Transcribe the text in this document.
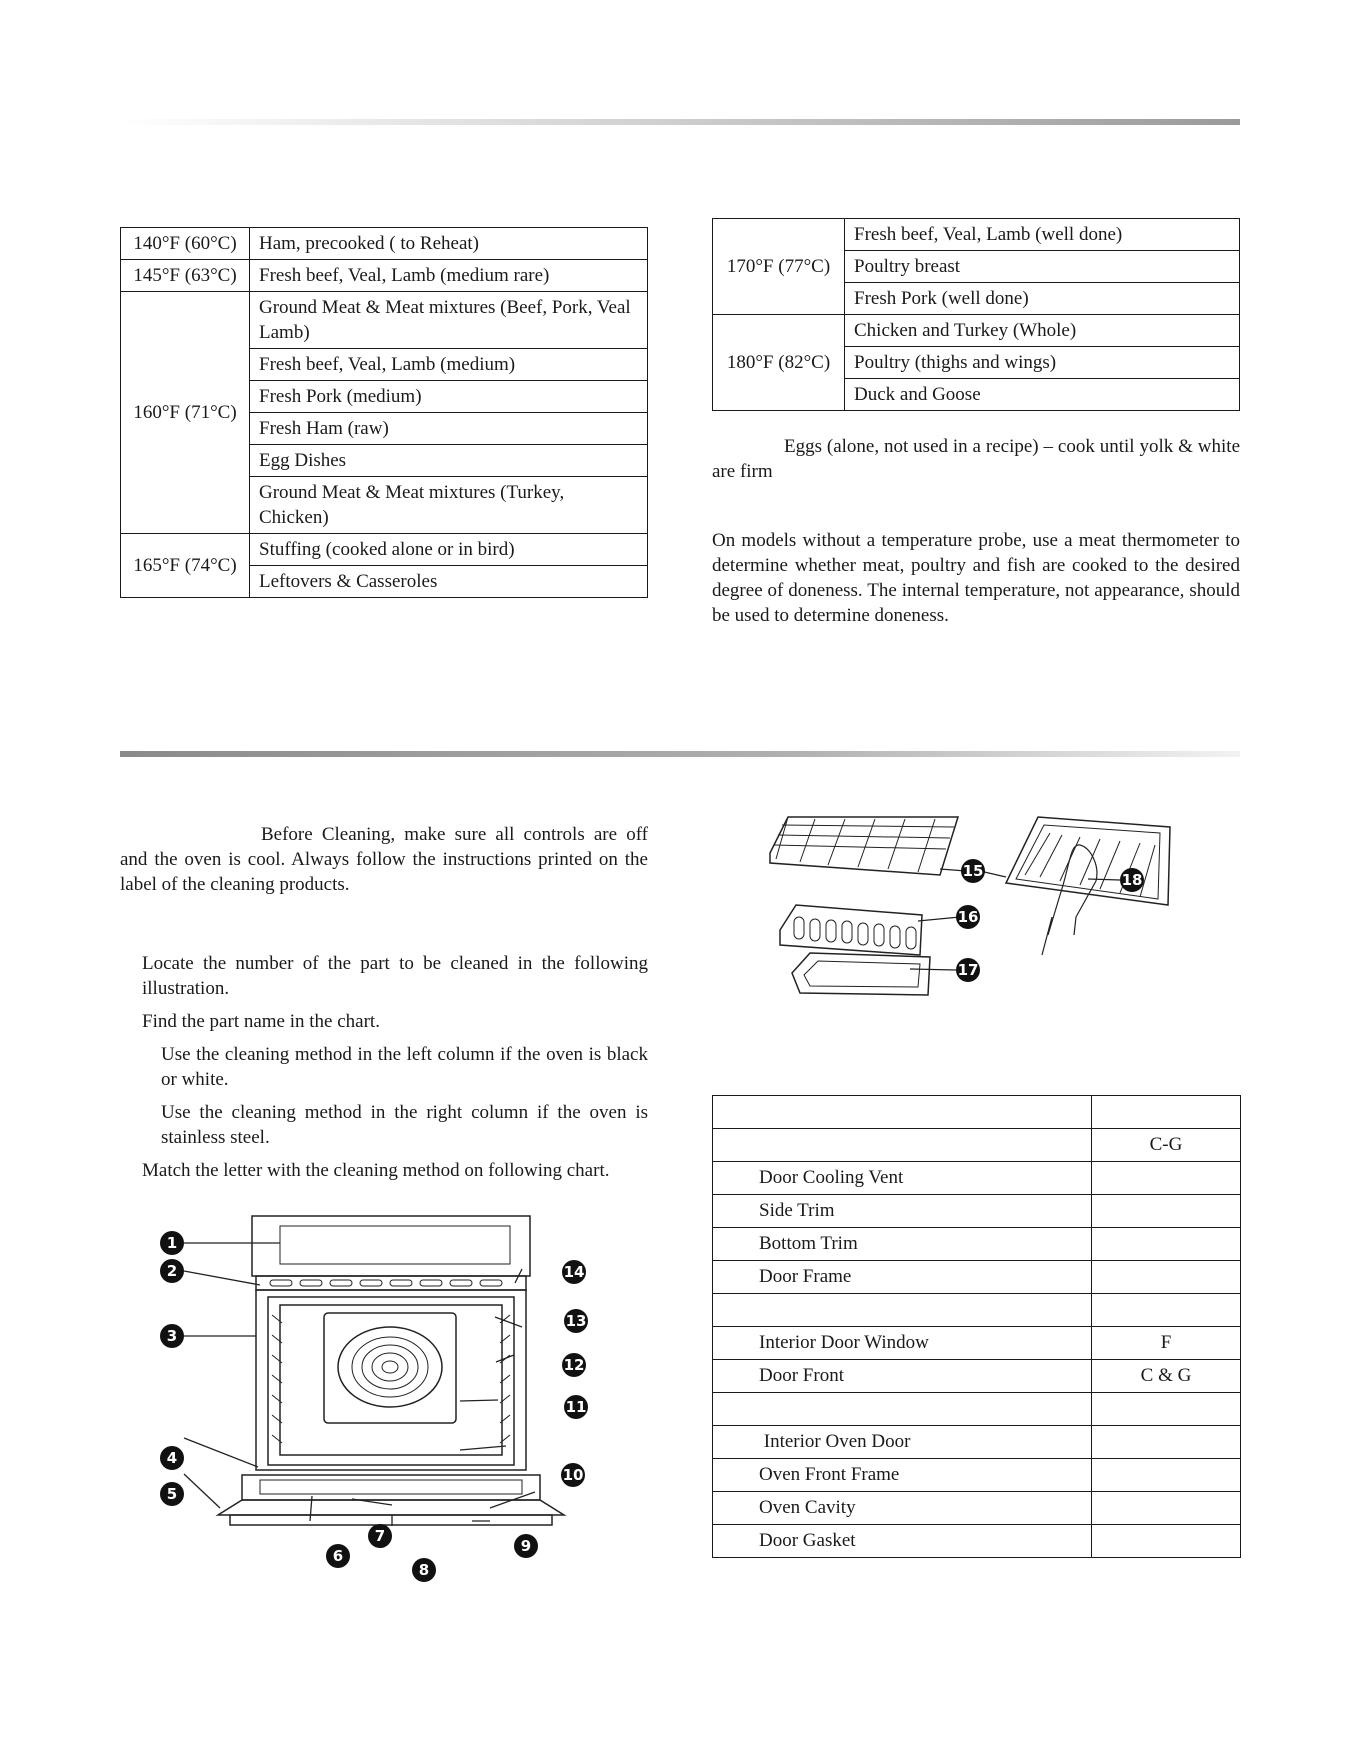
140°F (60°C)	Ham, precooked ( to Reheat)
145°F (63°C)	Fresh beef, Veal, Lamb (medium rare)
160°F (71°C)	Ground Meat & Meat mixtures (Beef, Pork, Veal Lamb)
	Fresh beef, Veal, Lamb (medium)
	Fresh Pork (medium)
	Fresh Ham (raw)
	Egg Dishes
	Ground Meat & Meat mixtures (Turkey, Chicken)
165°F (74°C)	Stuffing (cooked alone or in bird)
	Leftovers & Casseroles
170°F (77°C)	Fresh beef, Veal, Lamb (well done)
	Poultry breast
	Fresh Pork (well done)
180°F (82°C)	Chicken and Turkey (Whole)
	Poultry (thighs and wings)
	Duck and Goose
Eggs (alone, not used in a recipe) – cook until yolk & white are firm
On models without a temperature probe, use a meat thermometer to determine whether meat, poultry and fish are cooked to the desired degree of doneness. The internal temperature, not appearance, should be used to determine doneness.
Before Cleaning, make sure all controls are off and the oven is cool. Always follow the instructions printed on the label of the cleaning products.
Locate the number of the part to be cleaned in the following illustration.
Find the part name in the chart.
Use the cleaning method in the left column if the oven is black or white.
Use the cleaning method in the right column if the oven is stainless steel.
Match the letter with the cleaning method on following chart.
1
2
3
4
5
6
7
8
9
10
11
12
13
14
15
16
17
18

	C-G
Door Cooling Vent	
Side Trim	
Bottom Trim	
Door Frame	

Interior Door Window	F
Door Front	C & G

Interior Oven Door	
Oven Front Frame	
Oven Cavity	
Door Gasket	
